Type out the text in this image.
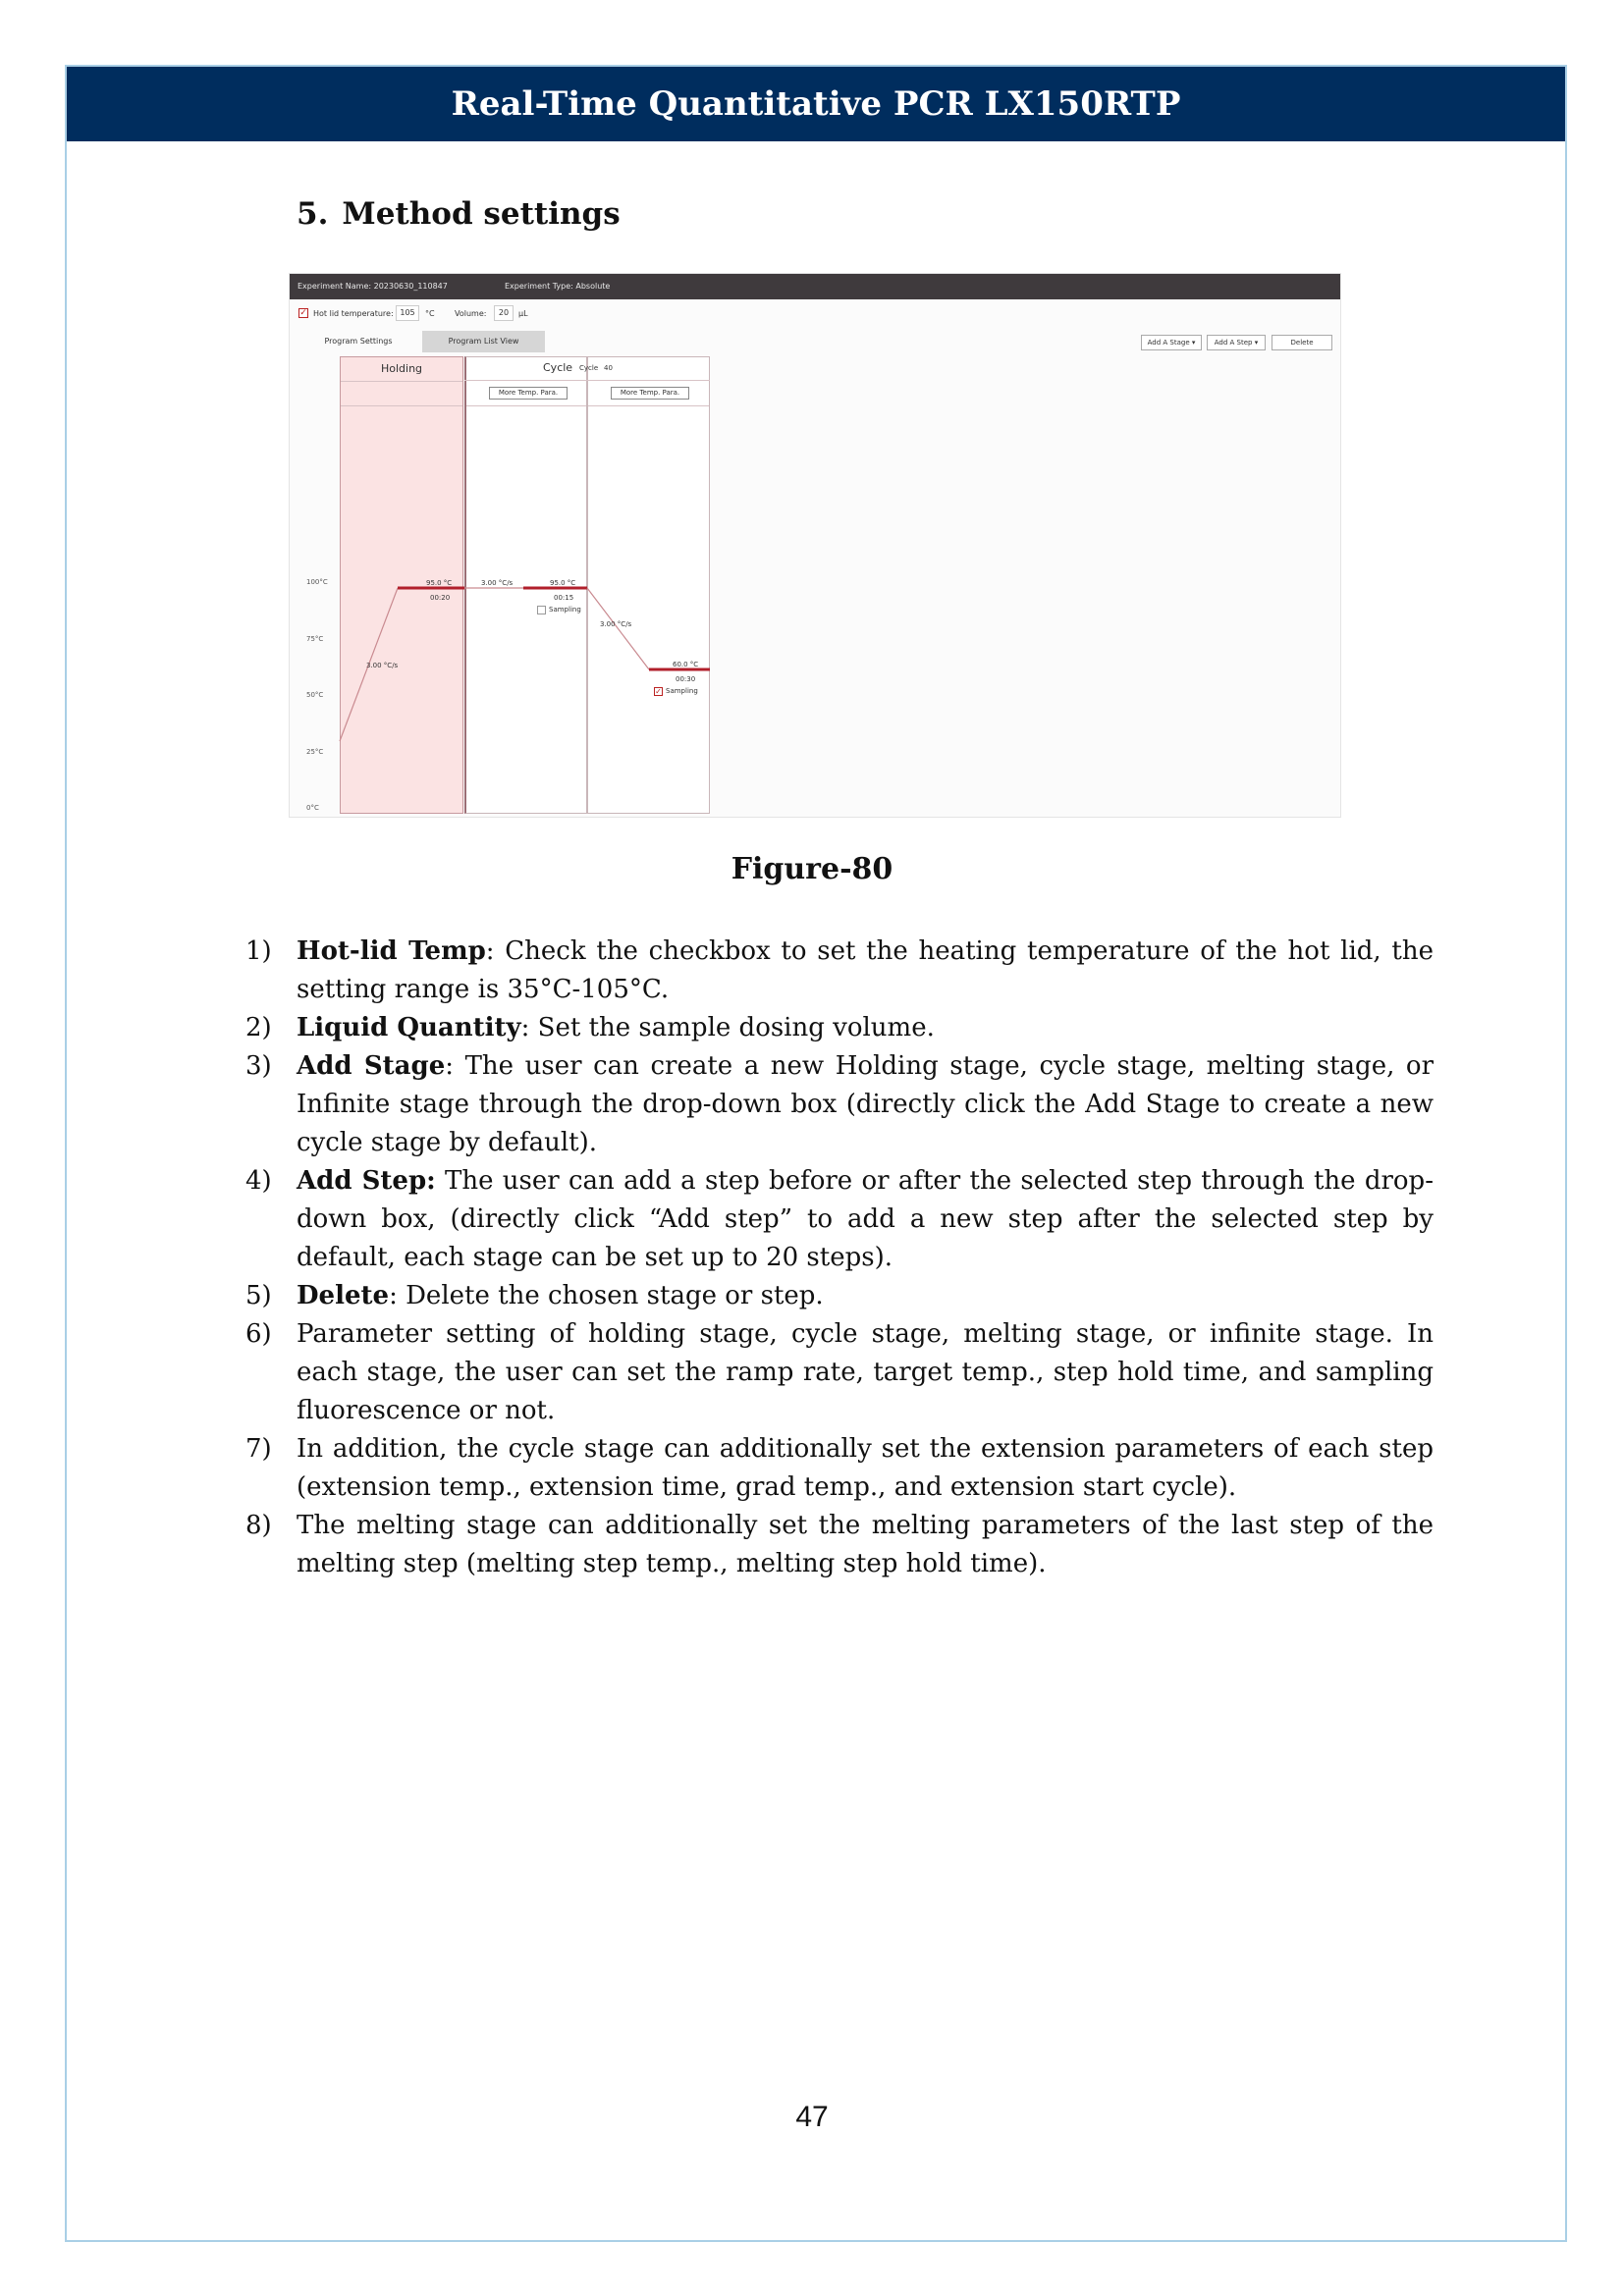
Real-Time Quantitative PCR LX150RTP
5. Method settings
Experiment Name: 20230630_110847	Experiment Type: Absolute
✓ Hot lid temperature: 105	°C	Volume:	20	μL
Program Settings	Program List View	Add A Stage ▾	Add A Step ▾	Delete
Holding
More Temp. Para.	More Temp. Para.
Cycle Cycle 40
100°C
75°C
50°C
25°C
0°C
3.00 °C/s
95.0 °C
00:20
3.00 °C/s	95.0 °C
00:15
Sampling
3.00 °C/s
60.0 °C
00:30
✓ Sampling
Figure-80
1) Hot-lid Temp: Check the checkbox to set the heating temperature of the hot lid, the setting range is 35°C-105°C.
2) Liquid Quantity: Set the sample dosing volume.
3) Add Stage: The user can create a new Holding stage, cycle stage, melting stage, or Infinite stage through the drop-down box (directly click the Add Stage to create a new cycle stage by default).
4) Add Step: The user can add a step before or after the selected step through the drop-down box, (directly click “Add step” to add a new step after the selected step by default, each stage can be set up to 20 steps).
5) Delete: Delete the chosen stage or step.
6) Parameter setting of holding stage, cycle stage, melting stage, or infinite stage. In each stage, the user can set the ramp rate, target temp., step hold time, and sampling fluorescence or not.
7) In addition, the cycle stage can additionally set the extension parameters of each step (extension temp., extension time, grad temp., and extension start cycle).
8) The melting stage can additionally set the melting parameters of the last step of the melting step (melting step temp., melting step hold time).
47
